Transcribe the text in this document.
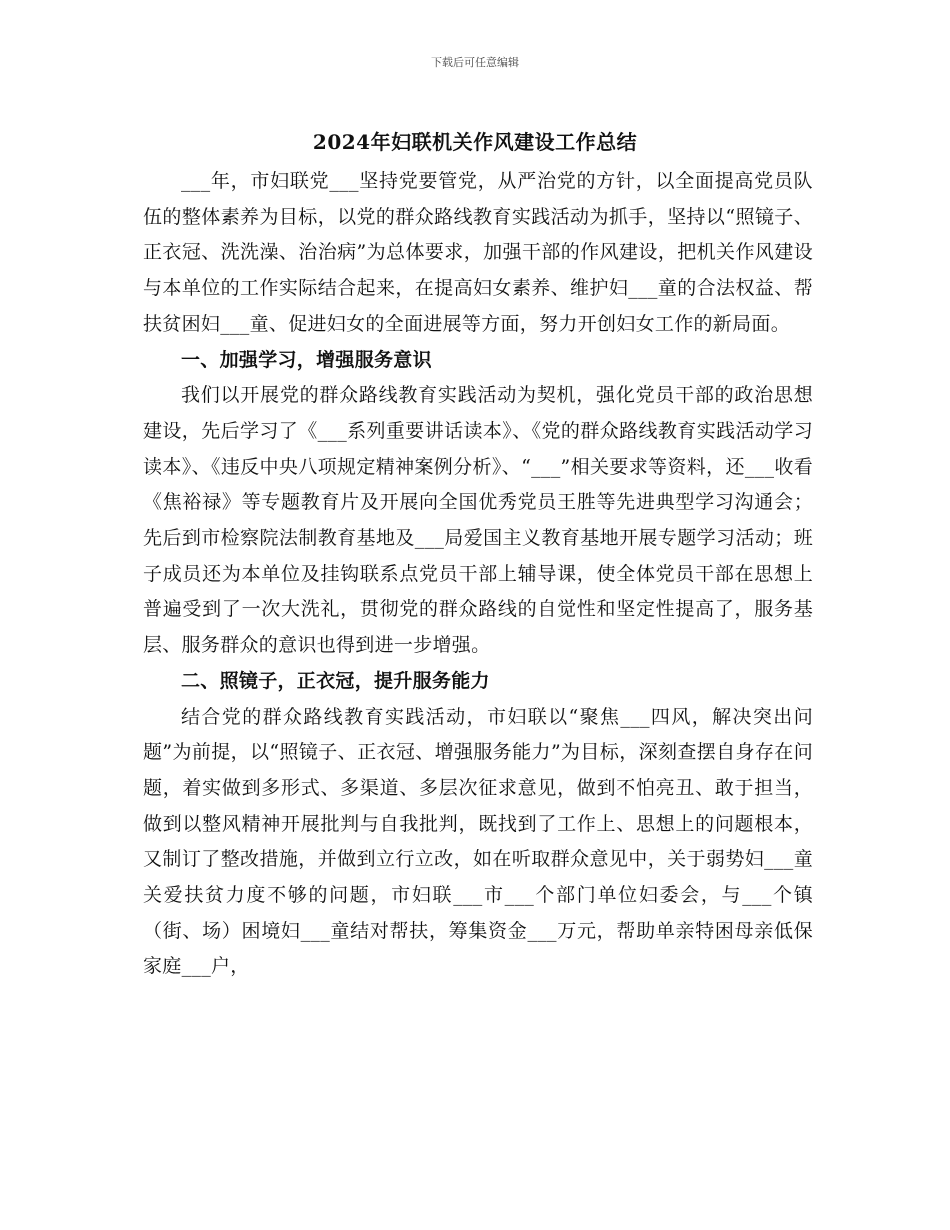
下载后可任意编辑
2024年妇联机关作风建设工作总结

___年，市妇联党___坚持党要管党，从严治党的方针，以全面提高党员队伍的整体素养为目标，以党的群众路线教育实践活动为抓手，坚持以“照镜子、正衣冠、洗洗澡、治治病”为总体要求，加强干部的作风建设，把机关作风建设与本单位的工作实际结合起来，在提高妇女素养、维护妇___童的合法权益、帮扶贫困妇___童、促进妇女的全面进展等方面，努力开创妇女工作的新局面。

一、加强学习，增强服务意识

我们以开展党的群众路线教育实践活动为契机，强化党员干部的政治思想建设，先后学习了《___系列重要讲话读本》、《党的群众路线教育实践活动学习读本》、《违反中央八项规定精神案例分析》、“___”相关要求等资料，还___收看《焦裕禄》等专题教育片及开展向全国优秀党员王胜等先进典型学习沟通会；先后到市检察院法制教育基地及___局爱国主义教育基地开展专题学习活动；班子成员还为本单位及挂钩联系点党员干部上辅导课，使全体党员干部在思想上普遍受到了一次大洗礼，贯彻党的群众路线的自觉性和坚定性提高了，服务基层、服务群众的意识也得到进一步增强。

二、照镜子，正衣冠，提升服务能力

结合党的群众路线教育实践活动，市妇联以“聚焦___四风，解决突出问题”为前提，以“照镜子、正衣冠、增强服务能力”为目标，深刻查摆自身存在问题，着实做到多形式、多渠道、多层次征求意见，做到不怕亮丑、敢于担当，做到以整风精神开展批判与自我批判，既找到了工作上、思想上的问题根本，又制订了整改措施，并做到立行立改，如在听取群众意见中，关于弱势妇___童关爱扶贫力度不够的问题，市妇联___市___个部门单位妇委会，与___个镇（街、场）困境妇___童结对帮扶，筹集资金___万元，帮助单亲特困母亲低保家庭___户，
